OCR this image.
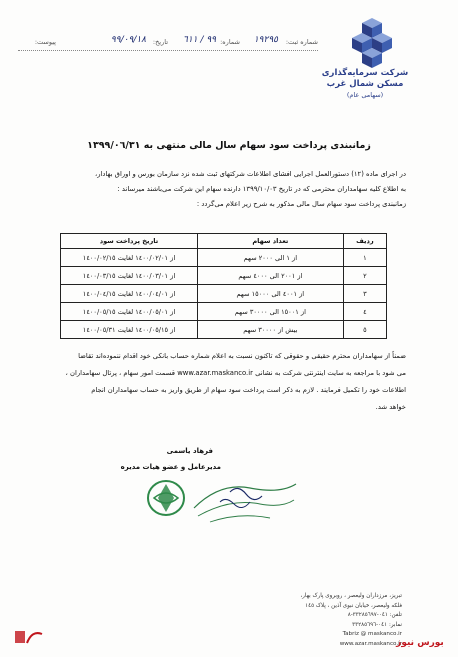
شرکت سرمایه‌گذاری
مسکن شمال غرب
(سهامی عام)
شماره ثبت:
١٩٢٩٥
شماره:
٩٩ / ٦١١
تاریخ:
٩٩/٠٩/١٨
پیوست:
زمانبندی پرداخت سود سهام سال مالی منتهی به ١٣٩٩/٠٦/٣١
در اجرای ماده (١٢) دستورالعمل اجرایی افشای اطلاعات شرکتهای ثبت شده نزد سازمان بورس و اوراق بهادار،
به اطلاع کلیه سهامداران محترمی که در تاریخ ١٣٩٩/١٠/٠٣ دارنده سهام این شرکت می‌باشند میرساند :
زمانبندی پرداخت سود سهام سال مالی مذکور به شرح زیر اعلام می‌گردد :
ردیف	تعداد سهام	تاریخ پرداخت سود
١	از ١ الی ٢٠٠٠ سهم	از ١٤٠٠/٠٢/٠١ لغایت ١٤٠٠/٠٢/١٥
٢	از ٢٠٠١ الی ٤٠٠٠ سهم	از ١٤٠٠/٠٣/٠١ لغایت ١٤٠٠/٠٣/١٥
٣	از ٤٠٠١ الی ١٥٠٠٠ سهم	از ١٤٠٠/٠٤/٠١ لغایت ١٤٠٠/٠٤/١٥
٤	از ١٥٠٠١ الی ٣٠٠٠٠ سهم	از ١٤٠٠/٠٥/٠١ لغایت ١٤٠٠/٠٥/١٥
٥	بیش از ٣٠٠٠٠ سهم	از ١٤٠٠/٠٥/١٥ لغایت ١٤٠٠/٠٥/٣١
ضمناً از سهامداران محترم حقیقی و حقوقی که تاکنون نسبت به اعلام شماره حساب بانکی خود اقدام ننموده‌اند تقاضا
می شود با مراجعه به سایت اینترنتی شرکت به نشانی www.azar.maskanco.ir قسمت امور سهام ، پرتال سهامداران ،
اطلاعات خود را تکمیل فرمایند . لازم به ذکر است پرداخت سود سهام از طریق واریز به حساب سهامداران انجام
خواهد شد.
فرهاد یاسمی
مدیرعامل و عضو هیات مدیره
تبریز، مرزداران ولیعصر ، روبروی پارک بهار،
فلکه ولیعصر، خیابان نبوی آذین ، پلاک ١٤٥
تلفن: ٠٤١-٣٣٢٨٥٦٩٧-٨
نمابر: ٠٤١-٣٣٢٨٥٦٩٦
Tabriz @ maskanco.ir
www.azar.maskanco.ir
بورس نیوز
